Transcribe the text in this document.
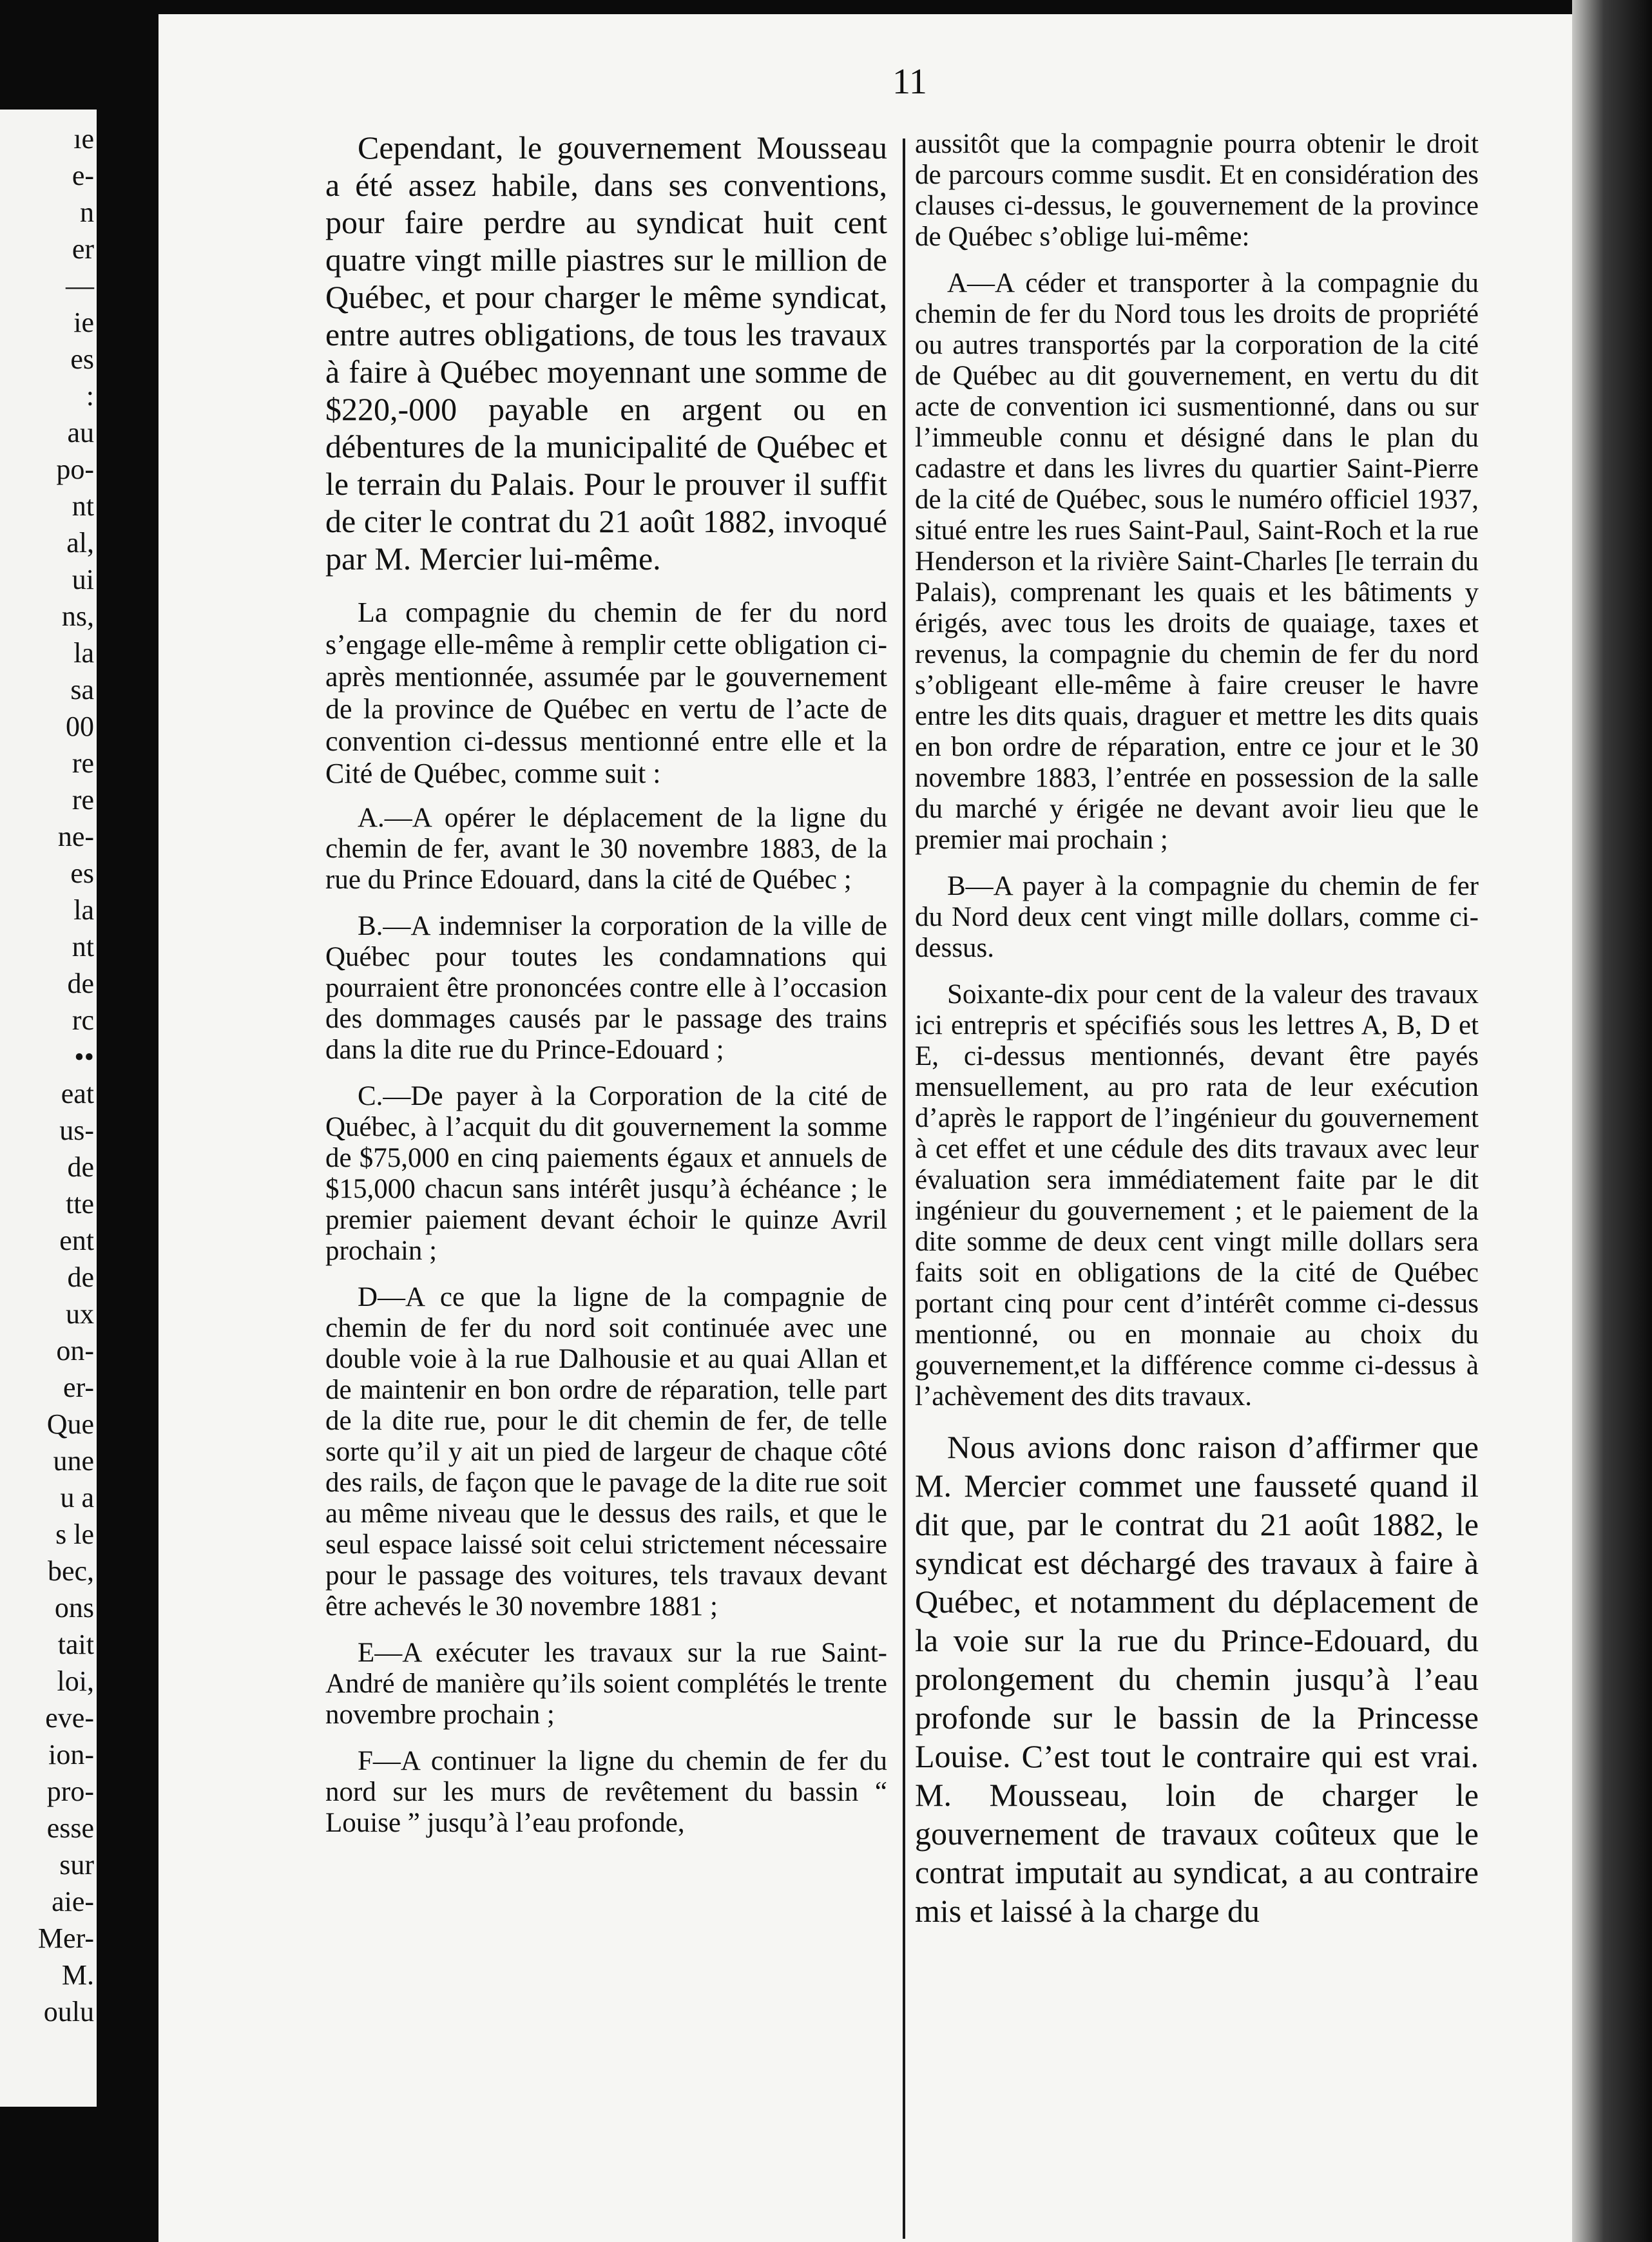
ıe
e-
n
er
—
ie
es
:
au
po-
nt
al,
ui
ns,
la
sa
00
re
re
ne-
es
la
nt
de
rc
••
eat
us-
de
tte
ent
de
ux
on-
er-
Que
une
u a
s le
bec,
ons
tait
loi,
eve-
ion-
pro-
esse
sur
aie-
Mer-
M.
oulu
11

Cependant, le gouvernement Mousseau a été assez habile, dans ses conventions, pour faire perdre au syndicat huit cent quatre vingt mille piastres sur le million de Québec, et pour charger le même syndicat, entre autres obligations, de tous les travaux à faire à Québec moyennant une somme de $220,-000 payable en argent ou en débentures de la municipalité de Québec et le terrain du Palais. Pour le prouver il suffit de citer le contrat du 21 août 1882, invoqué par M. Mercier lui-même.

La compagnie du chemin de fer du nord s’engage elle-même à remplir cette obligation ci-après mentionnée, assumée par le gouvernement de la province de Québec en vertu de l’acte de convention ci-dessus mentionné entre elle et la Cité de Québec, comme suit :

A.—A opérer le déplacement de la ligne du chemin de fer, avant le 30 novembre 1883, de la rue du Prince Edouard, dans la cité de Québec ;

B.—A indemniser la corporation de la ville de Québec pour toutes les condamnations qui pourraient être prononcées contre elle à l’occasion des dommages causés par le passage des trains dans la dite rue du Prince-Edouard ;

C.—De payer à la Corporation de la cité de Québec, à l’acquit du dit gouvernement la somme de $75,000 en cinq paiements égaux et annuels de $15,000 chacun sans intérêt jusqu’à échéance ; le premier paiement devant échoir le quinze Avril prochain ;

D—A ce que la ligne de la compagnie de chemin de fer du nord soit continuée avec une double voie à la rue Dalhousie et au quai Allan et de maintenir en bon ordre de réparation, telle part de la dite rue, pour le dit chemin de fer, de telle sorte qu’il y ait un pied de largeur de chaque côté des rails, de façon que le pavage de la dite rue soit au même niveau que le dessus des rails, et que le seul espace laissé soit celui strictement nécessaire pour le passage des voitures, tels travaux devant être achevés le 30 novembre 1881 ;

E—A exécuter les travaux sur la rue Saint-André de manière qu’ils soient complétés le trente novembre prochain ;

F—A continuer la ligne du chemin de fer du nord sur les murs de revêtement du bassin “ Louise ” jusqu’à l’eau profonde,

aussitôt que la compagnie pourra obtenir le droit de parcours comme susdit. Et en considération des clauses ci-dessus, le gouvernement de la province de Québec s’oblige lui-même:

A—A céder et transporter à la compagnie du chemin de fer du Nord tous les droits de propriété ou autres transportés par la corporation de la cité de Québec au dit gouvernement, en vertu du dit acte de convention ici susmentionné, dans ou sur l’immeuble connu et désigné dans le plan du cadastre et dans les livres du quartier Saint-Pierre de la cité de Québec, sous le numéro officiel 1937, situé entre les rues Saint-Paul, Saint-Roch et la rue Henderson et la rivière Saint-Charles [le terrain du Palais), comprenant les quais et les bâtiments y érigés, avec tous les droits de quaiage, taxes et revenus, la compagnie du chemin de fer du nord s’obligeant elle-même à faire creuser le havre entre les dits quais, draguer et mettre les dits quais en bon ordre de réparation, entre ce jour et le 30 novembre 1883, l’entrée en possession de la salle du marché y érigée ne devant avoir lieu que le premier mai prochain ;

B—A payer à la compagnie du chemin de fer du Nord deux cent vingt mille dollars, comme ci-dessus.

Soixante-dix pour cent de la valeur des travaux ici entrepris et spécifiés sous les lettres A, B, D et E, ci-dessus mentionnés, devant être payés mensuellement, au pro rata de leur exécution d’après le rapport de l’ingénieur du gouvernement à cet effet et une cédule des dits travaux avec leur évaluation sera immédiatement faite par le dit ingénieur du gouvernement ; et le paiement de la dite somme de deux cent vingt mille dollars sera faits soit en obligations de la cité de Québec portant cinq pour cent d’intérêt comme ci-dessus mentionné, ou en monnaie au choix du gouvernement,et la différence comme ci-dessus à l’achèvement des dits travaux.

Nous avions donc raison d’affirmer que M. Mercier commet une fausseté quand il dit que, par le contrat du 21 août 1882, le syndicat est déchargé des travaux à faire à Québec, et notamment du déplacement de la voie sur la rue du Prince-Edouard, du prolongement du chemin jusqu’à l’eau profonde sur le bassin de la Princesse Louise. C’est tout le contraire qui est vrai. M. Mousseau, loin de charger le gouvernement de travaux coûteux que le contrat imputait au syndicat, a au contraire mis et laissé à la charge du
